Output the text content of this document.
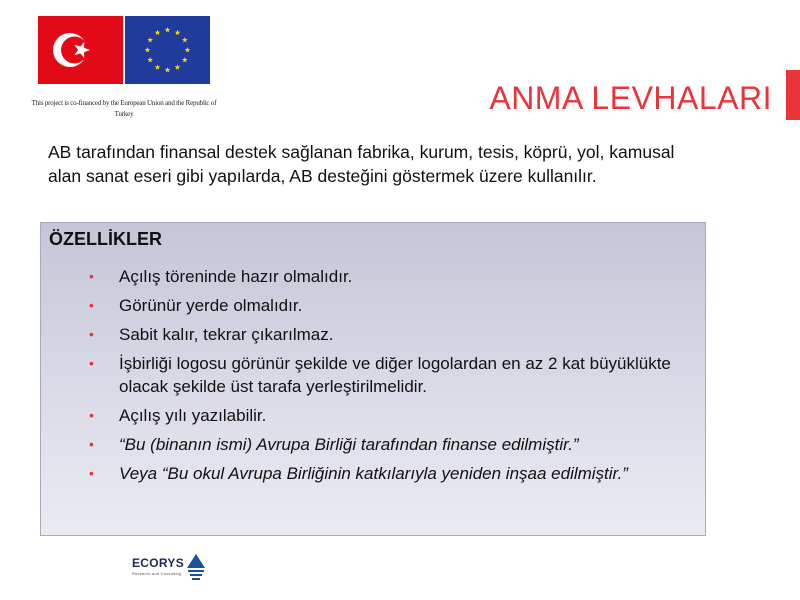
This project is co-financed by the European Union and the Republic of Turkey	ANMA LEVHALARI
AB tarafından finansal destek sağlanan fabrika, kurum, tesis, köprü, yol, kamusal alan sanat eseri gibi yapılarda, AB desteğini göstermek üzere kullanılır.
ÖZELLİKLER
• Açılış töreninde hazır olmalıdır.
• Görünür yerde olmalıdır.
• Sabit kalır, tekrar çıkarılmaz.
• İşbirliği logosu görünür şekilde ve diğer logolardan en az 2 kat büyüklükte olacak şekilde üst tarafa yerleştirilmelidir.
• Açılış yılı yazılabilir.
• “Bu (binanın ismi) Avrupa Birliği tarafından finanse edilmiştir.”
• Veya “Bu okul Avrupa Birliğinin katkılarıyla yeniden inşaa edilmiştir.”
ECORYS
Research and Consulting
